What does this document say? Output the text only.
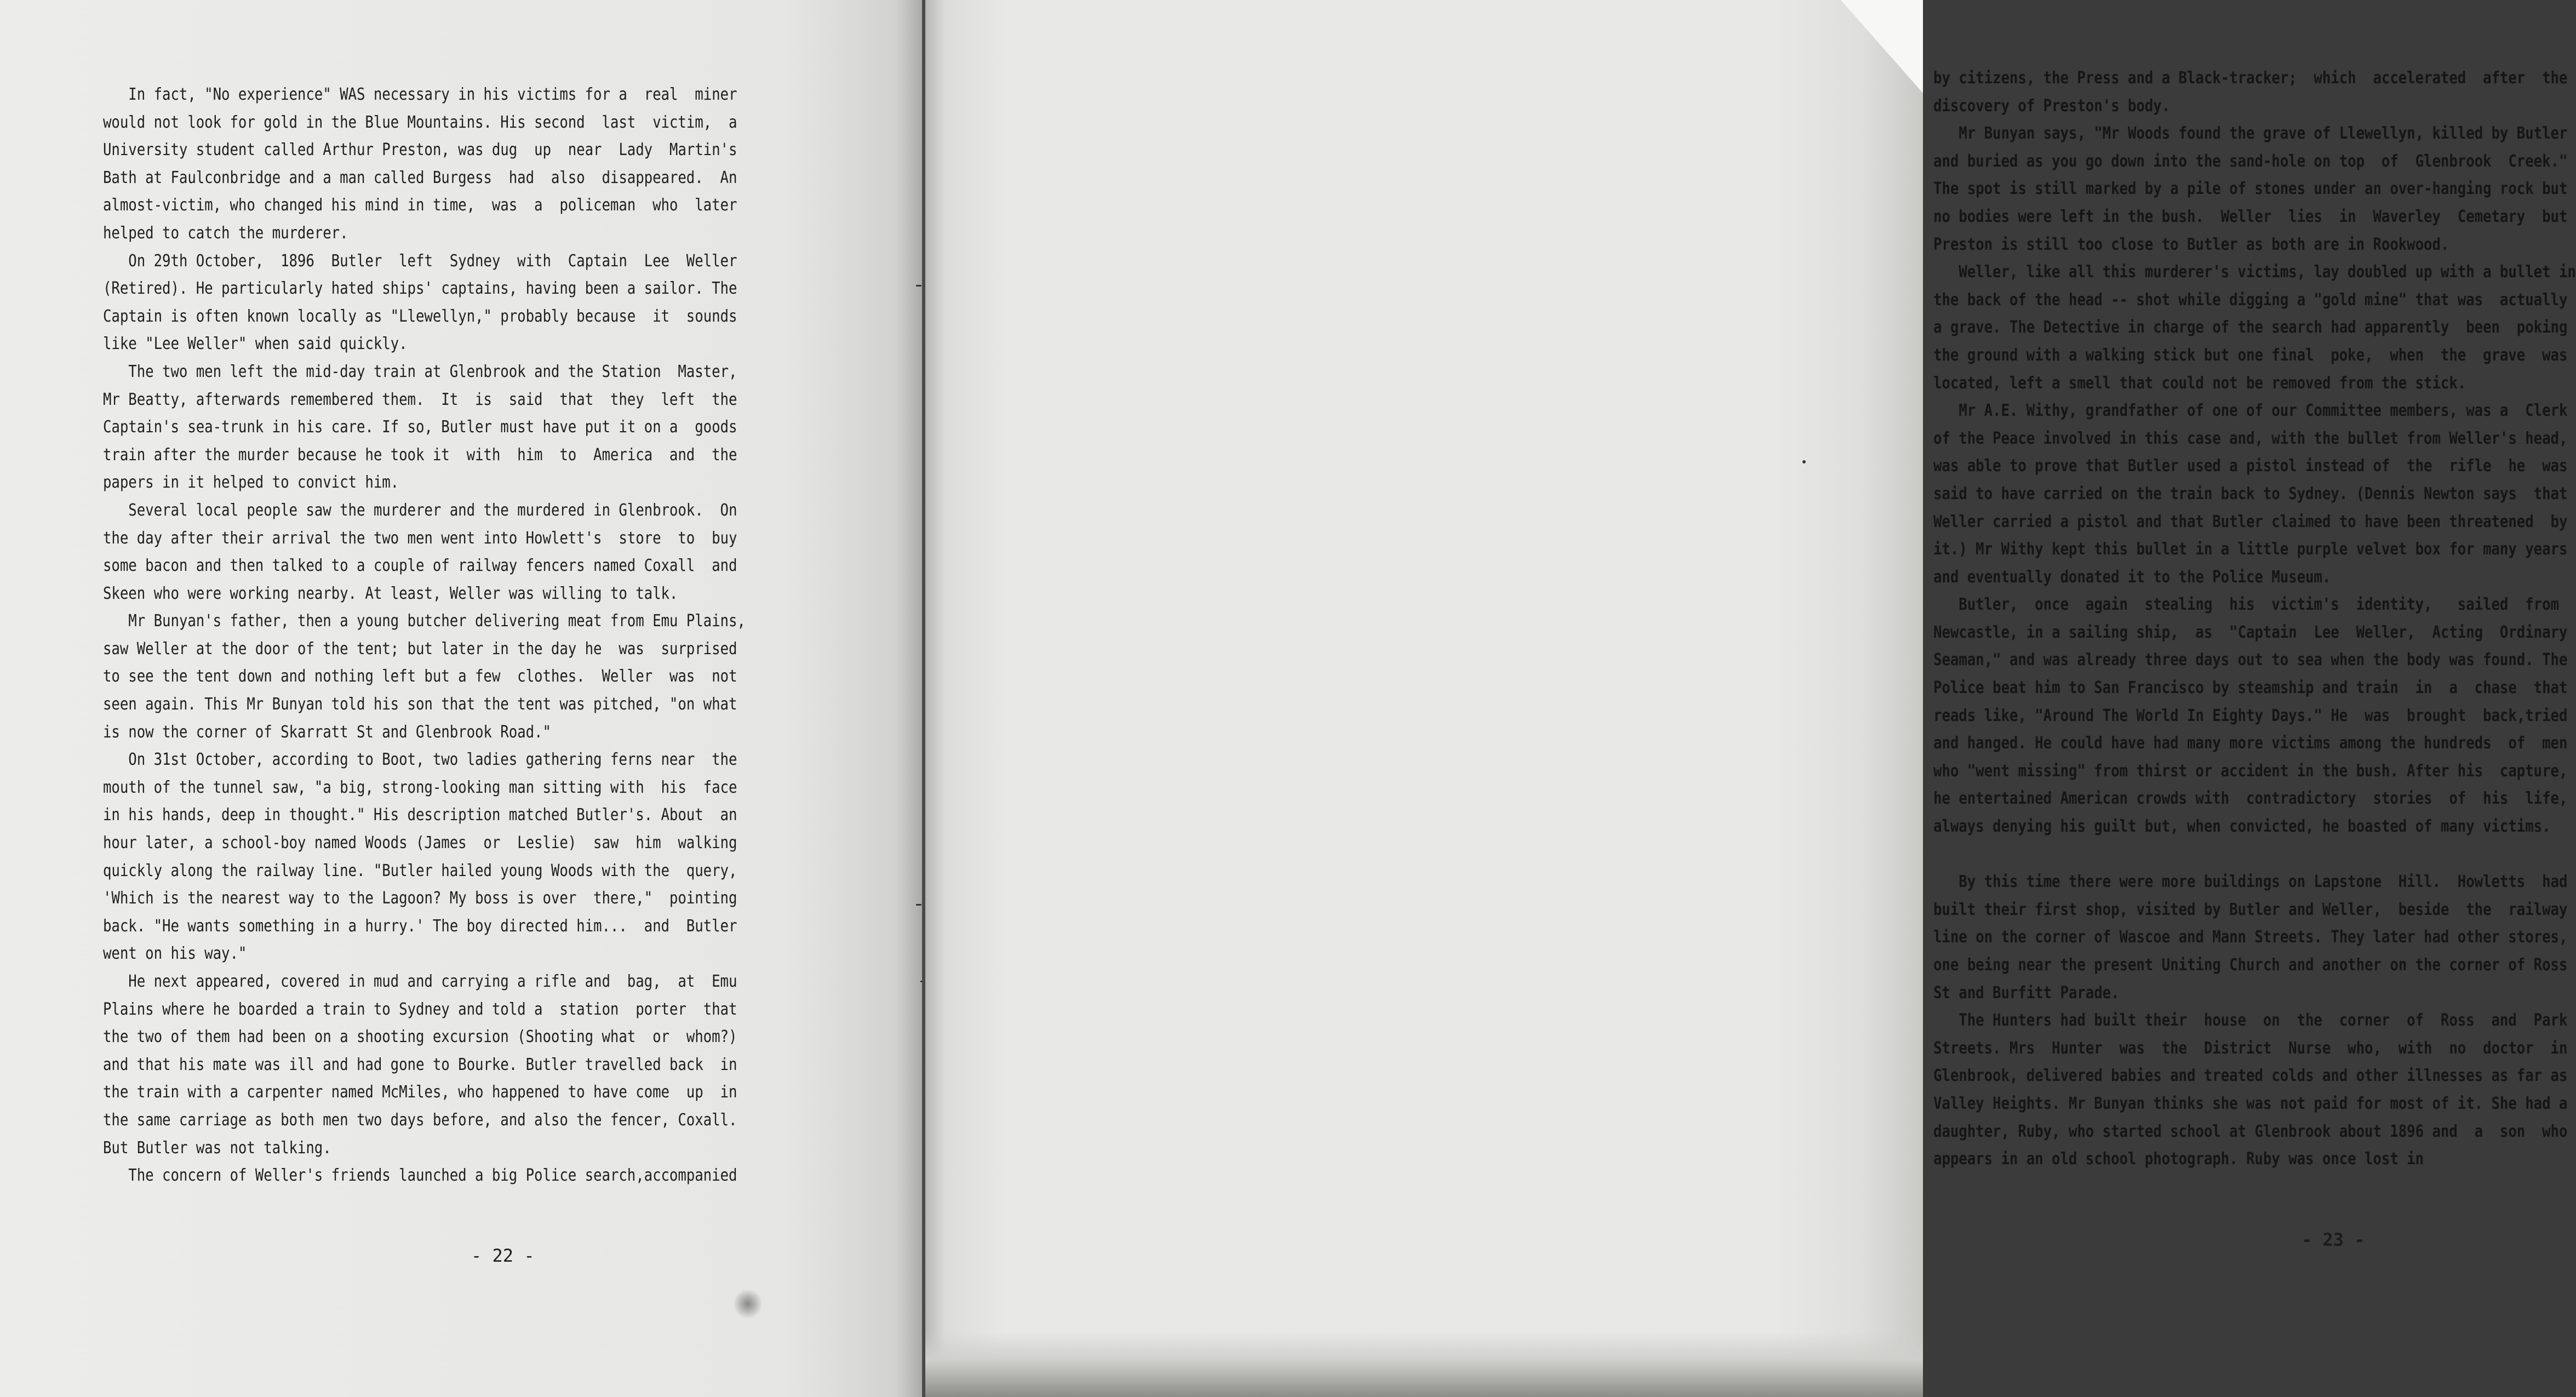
In fact, "No experience" WAS necessary in his victims for a  real  miner
would not look for gold in the Blue Mountains. His second  last  victim,  a
University student called Arthur Preston, was dug  up  near  Lady  Martin's
Bath at Faulconbridge and a man called Burgess  had  also  disappeared.  An
almost-victim, who changed his mind in time,  was  a  policeman  who  later
helped to catch the murderer.
On 29th October,  1896  Butler  left  Sydney  with  Captain  Lee  Weller
(Retired). He particularly hated ships' captains, having been a sailor. The
Captain is often known locally as "Llewellyn," probably because  it  sounds
like "Lee Weller" when said quickly.
The two men left the mid-day train at Glenbrook and the Station  Master,
Mr Beatty, afterwards remembered them.  It  is  said  that  they  left  the
Captain's sea-trunk in his care. If so, Butler must have put it on a  goods
train after the murder because he took it  with  him  to  America  and  the
papers in it helped to convict him.
Several local people saw the murderer and the murdered in Glenbrook.  On
the day after their arrival the two men went into Howlett's  store  to  buy
some bacon and then talked to a couple of railway fencers named Coxall  and
Skeen who were working nearby. At least, Weller was willing to talk.
Mr Bunyan's father, then a young butcher delivering meat from Emu Plains,
saw Weller at the door of the tent; but later in the day he  was  surprised
to see the tent down and nothing left but a few  clothes.  Weller  was  not
seen again. This Mr Bunyan told his son that the tent was pitched, "on what
is now the corner of Skarratt St and Glenbrook Road."
On 31st October, according to Boot, two ladies gathering ferns near  the
mouth of the tunnel saw, "a big, strong-looking man sitting with  his  face
in his hands, deep in thought." His description matched Butler's. About  an
hour later, a school-boy named Woods (James  or  Leslie)  saw  him  walking
quickly along the railway line. "Butler hailed young Woods with the  query,
'Which is the nearest way to the Lagoon? My boss is over  there,"  pointing
back. "He wants something in a hurry.' The boy directed him...  and  Butler
went on his way."
He next appeared, covered in mud and carrying a rifle and  bag,  at  Emu
Plains where he boarded a train to Sydney and told a  station  porter  that
the two of them had been on a shooting excursion (Shooting what  or  whom?)
and that his mate was ill and had gone to Bourke. Butler travelled back  in
the train with a carpenter named McMiles, who happened to have come  up  in
the same carriage as both men two days before, and also the fencer, Coxall.
But Butler was not talking.
The concern of Weller's friends launched a big Police search,accompanied
- 22 -
by citizens, the Press and a Black-tracker;  which  accelerated  after  the
discovery of Preston's body.
Mr Bunyan says, "Mr Woods found the grave of Llewellyn, killed by Butler
and buried as you go down into the sand-hole on top  of  Glenbrook  Creek."
The spot is still marked by a pile of stones under an over-hanging rock but
no bodies were left in the bush.  Weller  lies  in  Waverley  Cemetary  but
Preston is still too close to Butler as both are in Rookwood.
Weller, like all this murderer's victims, lay doubled up with a bullet in
the back of the head -- shot while digging a "gold mine" that was  actually
a grave. The Detective in charge of the search had apparently  been  poking
the ground with a walking stick but one final  poke,  when  the  grave  was
located, left a smell that could not be removed from the stick.
Mr A.E. Withy, grandfather of one of our Committee members, was a  Clerk
of the Peace involved in this case and, with the bullet from Weller's head,
was able to prove that Butler used a pistol instead of  the  rifle  he  was
said to have carried on the train back to Sydney. (Dennis Newton says  that
Weller carried a pistol and that Butler claimed to have been threatened  by
it.) Mr Withy kept this bullet in a little purple velvet box for many years
and eventually donated it to the Police Museum.
Butler,  once  again  stealing  his  victim's  identity,   sailed  from
Newcastle, in a sailing ship,  as  "Captain  Lee  Weller,  Acting  Ordinary
Seaman," and was already three days out to sea when the body was found. The
Police beat him to San Francisco by steamship and train  in  a  chase  that
reads like, "Around The World In Eighty Days." He  was  brought  back,tried
and hanged. He could have had many more victims among the hundreds  of  men
who "went missing" from thirst or accident in the bush. After his  capture,
he entertained American crowds with  contradictory  stories  of  his  life,
always denying his guilt but, when convicted, he boasted of many victims.
By this time there were more buildings on Lapstone  Hill.  Howletts  had
built their first shop, visited by Butler and Weller,  beside  the  railway
line on the corner of Wascoe and Mann Streets. They later had other stores,
one being near the present Uniting Church and another on the corner of Ross
St and Burfitt Parade.
The Hunters had built their  house  on  the  corner  of  Ross  and  Park
Streets. Mrs  Hunter  was  the  District  Nurse  who,  with  no  doctor  in
Glenbrook, delivered babies and treated colds and other illnesses as far as
Valley Heights. Mr Bunyan thinks she was not paid for most of it. She had a
daughter, Ruby, who started school at Glenbrook about 1896 and  a  son  who
appears in an old school photograph. Ruby was once lost in
- 23 -
